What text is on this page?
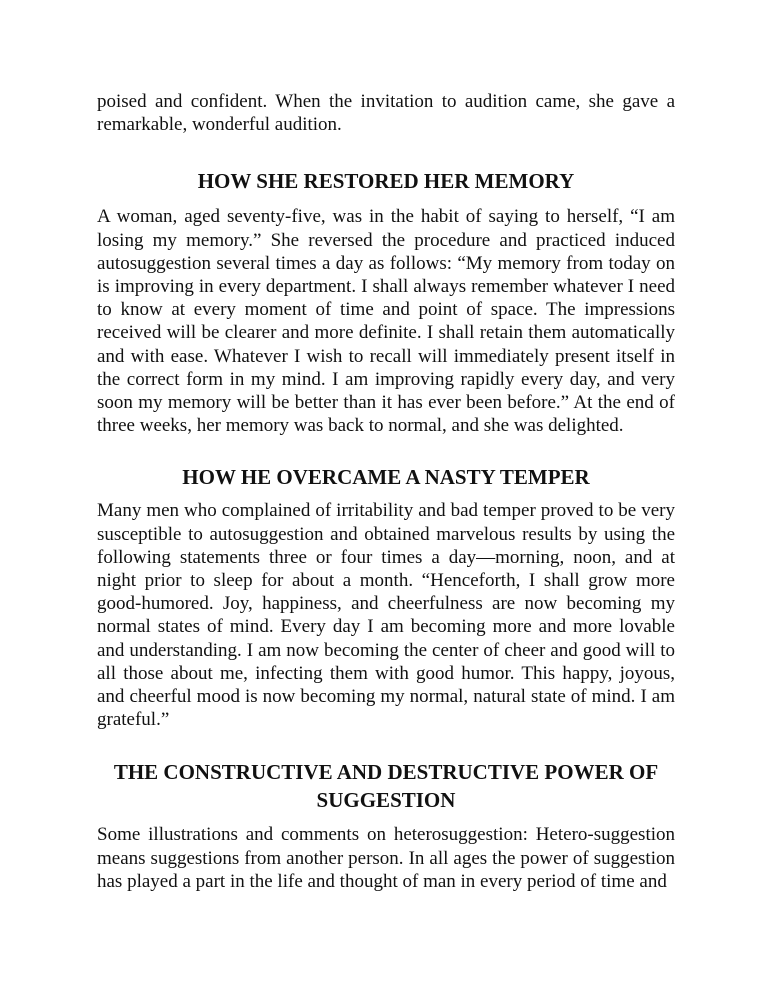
poised and confident. When the invitation to audition came, she gave a remarkable, wonderful audition.

HOW SHE RESTORED HER MEMORY

A woman, aged seventy-five, was in the habit of saying to herself, “I am losing my memory.” She reversed the procedure and practiced induced autosuggestion several times a day as follows: “My memory from today on is improving in every department. I shall always remember whatever I need to know at every moment of time and point of space. The impressions received will be clearer and more definite. I shall retain them automatically and with ease. Whatever I wish to recall will immediately present itself in the correct form in my mind. I am improving rapidly every day, and very soon my memory will be better than it has ever been before.” At the end of three weeks, her memory was back to normal, and she was delighted.

HOW HE OVERCAME A NASTY TEMPER

Many men who complained of irritability and bad temper proved to be very susceptible to autosuggestion and obtained marvelous results by using the following statements three or four times a day—morning, noon, and at night prior to sleep for about a month. “Henceforth, I shall grow more good-humored. Joy, happiness, and cheerfulness are now becoming my normal states of mind. Every day I am becoming more and more lovable and understanding. I am now becoming the center of cheer and good will to all those about me, infecting them with good humor. This happy, joyous, and cheerful mood is now becoming my normal, natural state of mind. I am grateful.”

THE CONSTRUCTIVE AND DESTRUCTIVE POWER OF SUGGESTION

Some illustrations and comments on heterosuggestion: Hetero-suggestion means suggestions from another person. In all ages the power of suggestion has played a part in the life and thought of man in every period of time and
